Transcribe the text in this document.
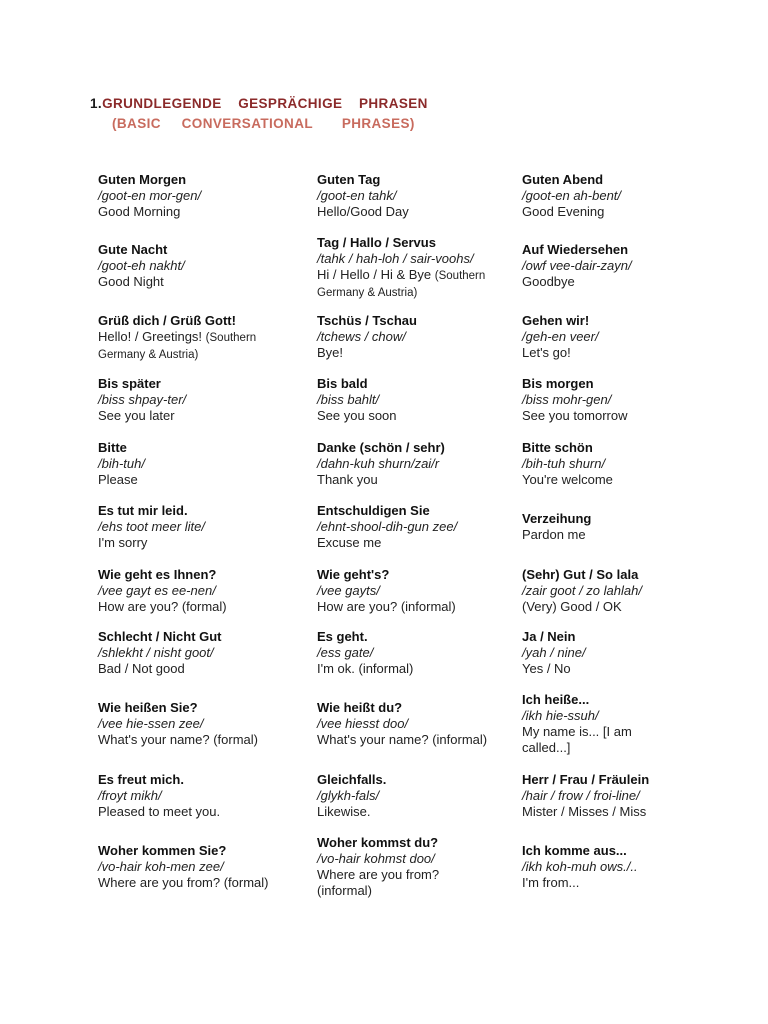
1.GRUNDLEGENDE    GESPRÄCHIGE    PHRASEN
(BASIC     CONVERSATIONAL       PHRASES)
Guten Morgen
/goot-en mor-gen/
Good Morning
Guten Tag
/goot-en tahk/
Hello/Good Day
Guten Abend
/goot-en ah-bent/
Good Evening
Gute Nacht
/goot-eh nakht/
Good Night
Tag / Hallo / Servus
/tahk / hah-loh / sair-voohs/
Hi / Hello / Hi & Bye (Southern Germany & Austria)
Auf Wiedersehen
/owf vee-dair-zayn/
Goodbye
Grüß dich / Grüß Gott!
Hello! / Greetings! (Southern Germany & Austria)
Tschüs / Tschau
/tchews / chow/
Bye!
Gehen wir!
/geh-en veer/
Let's go!
Bis später
/biss shpay-ter/
See you later
Bis bald
/biss bahlt/
See you soon
Bis morgen
/biss mohr-gen/
See you tomorrow
Bitte
/bih-tuh/
Please
Danke (schön / sehr)
/dahn-kuh shurn/zai/r
Thank you
Bitte schön
/bih-tuh shurn/
You're welcome
Es tut mir leid.
/ehs toot meer lite/
I'm sorry
Entschuldigen Sie
/ehnt-shool-dih-gun zee/
Excuse me
Verzeihung
Pardon me
Wie geht es Ihnen?
/vee gayt es ee-nen/
How are you? (formal)
Wie geht's?
/vee gayts/
How are you? (informal)
(Sehr) Gut / So lala
/zair goot / zo lahlah/
(Very) Good / OK
Schlecht / Nicht Gut
/shlekht / nisht goot/
Bad / Not good
Es geht.
/ess gate/
I'm ok. (informal)
Ja / Nein
/yah / nine/
Yes / No
Wie heißen Sie?
/vee hie-ssen zee/
What's your name? (formal)
Wie heißt du?
/vee hiesst doo/
What's your name? (informal)
Ich heiße...
/ikh hie-ssuh/
My name is... [I am called...]
Es freut mich.
/froyt mikh/
Pleased to meet you.
Gleichfalls.
/glykh-fals/
Likewise.
Herr / Frau / Fräulein
/hair / frow / froi-line/
Mister / Misses / Miss
Woher kommen Sie?
/vo-hair koh-men zee/
Where are you from? (formal)
Woher kommst du?
/vo-hair kohmst doo/
Where are you from? (informal)
Ich komme aus...
/ikh koh-muh ows./..
I'm from...
